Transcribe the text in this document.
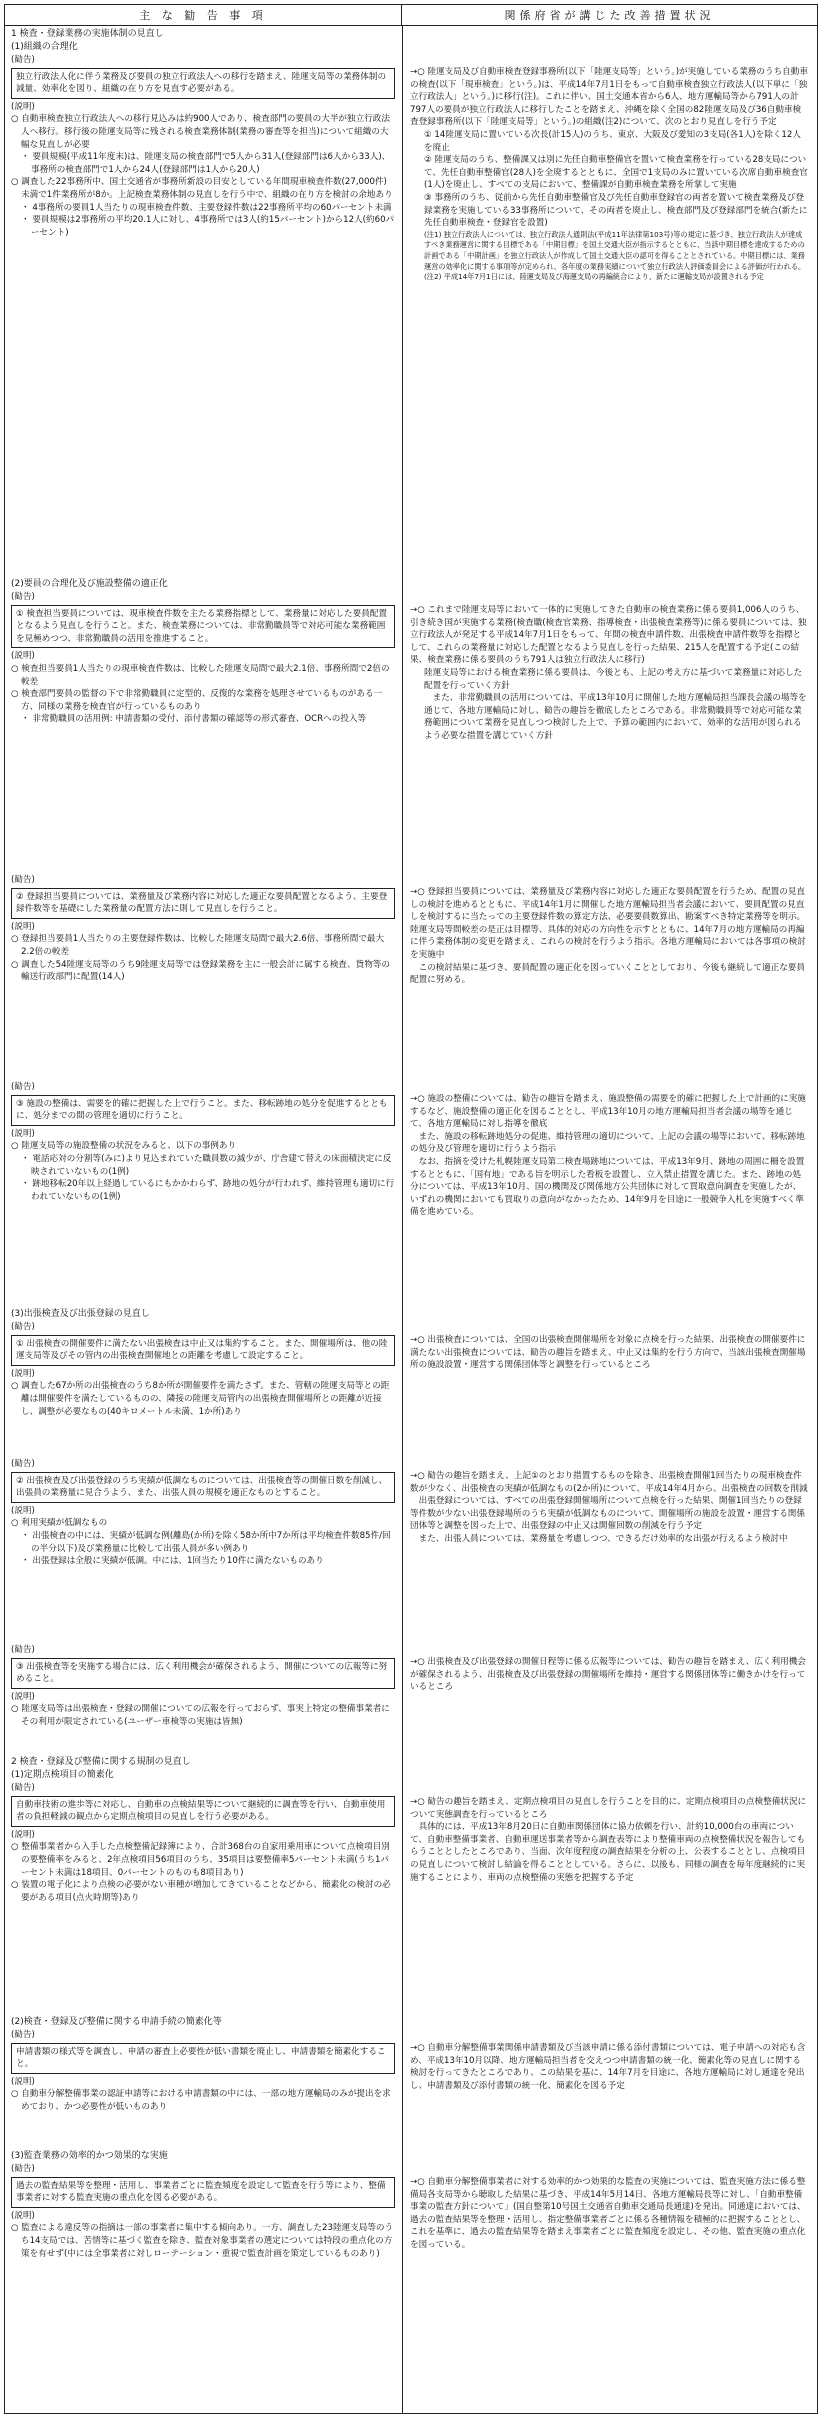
主 な 勧 告 事 項	関係府省が講じた改善措置状況
1 検査・登録業務の実施体制の見直し
(1)組織の合理化
(勧告)
独立行政法人化に伴う業務及び要員の独立行政法人への移行を踏まえ、陸運支局等の業務体制の減量、効率化を図り、組織の在り方を見直す必要がある。
(説明)
○ 自動車検査独立行政法人への移行見込みは約900人であり、検査部門の要員の大半が独立行政法人へ移行。移行後の陸運支局等に残される検査業務体制(業務の審査等を担当)について組織の大幅な見直しが必要
・ 要員規模(平成11年度末)は、陸運支局の検査部門で5人から31人(登録部門は6人から33人)、事務所の検査部門で1人から24人(登録部門は1人から20人)
○ 調査した22事務所中、国土交通省が事務所新設の目安としている年間現車検査件数(27,000件)未満で1件業務所が8か。上記検査業務体制の見直しを行う中で、組織の在り方を検討の余地あり
・ 4事務所の要員1人当たりの現車検査件数、主要登録件数は22事務所平均の60パーセント未満
・ 要員規模は2事務所の平均20.1人に対し、4事務所では3人(約15パーセント)から12人(約60パーセント)
→○ 陸運支局及び自動車検査登録事務所(以下「陸運支局等」という。)が実施している業務のうち自動車の検査(以下「現車検査」という。)は、平成14年7月1日をもって自動車検査独立行政法人(以下単に「独立行政法人」という。)に移行(注)。これに伴い、国土交通本省から6人、地方運輸局等から791人の計797人の要員が独立行政法人に移行したことを踏まえ、沖縄を除く全国の82陸運支局及び36自動車検査登録事務所(以下「陸運支局等」という。)の組織(注2)について、次のとおり見直しを行う予定
① 14陸運支局に置いている次長(計15人)のうち、東京、大阪及び愛知の3支局(各1人)を除く12人を廃止
② 陸運支局のうち、整備課又は別に先任自動車整備官を置いて検査業務を行っている28支局について、先任自動車整備官(28人)を全廃するとともに、全国で1支局のみに置いている次席自動車検査官(1人)を廃止し、すべての支局において、整備課が自動車検査業務を所掌して実施
③ 事務所のうち、従前から先任自動車整備官及び先任自動車登録官の両者を置いて検査業務及び登録業務を実施している33事務所について、その両者を廃止し、検査部門及び登録部門を統合(新たに先任自動車検査・登録官を設置)
(注1) 独立行政法人については、独立行政法人通則法(平成11年法律第103号)等の規定に基づき、独立行政法人が達成すべき業務運営に関する目標である「中期目標」を国土交通大臣が指示するとともに、当該中期目標を達成するための計画である「中期計画」を独立行政法人が作成して国土交通大臣の認可を得ることとされている。中期目標には、業務運営の効率化に関する事項等が定められ、各年度の業務実績について独立行政法人評価委員会による評価が行われる。
(注2) 平成14年7月1日には、陸運支局及び海運支局の再編統合により、新たに運輸支局が設置される予定
(2)要員の合理化及び施設整備の適正化
(勧告)
① 検査担当要員については、現車検査件数を主たる業務指標として、業務量に対応した要員配置となるよう見直しを行うこと。また、検査業務については、非常勤職員等で対応可能な業務範囲を見極めつつ、非常勤職員の活用を推進すること。
(説明)
○ 検査担当要員1人当たりの現車検査件数は、比較した陸運支局間で最大2.1倍、事務所間で2倍の較差
○ 検査部門要員の監督の下で非常勤職員に定型的、反復的な業務を処理させているものがある一方、同様の業務を検査官が行っているものあり
・ 非常勤職員の活用例: 申請書類の受付、添付書類の確認等の形式審査、OCRへの投入等
→○ これまで陸運支局等において一体的に実施してきた自動車の検査業務に係る要員1,006人のうち、引き続き国が実施する業務(検査職(検査官業務、指導検査・出張検査業務等)に係る要員については、独立行政法人が発足する平成14年7月1日をもって、年間の検査申請件数、出張検査申請件数等を指標として、これらの業務量に対応した配置となるよう見直しを行った結果、215人を配置する予定(この結果、検査業務に係る要員のうち791人は独立行政法人に移行)
陸運支局等における検査業務に係る要員は、今後とも、上記の考え方に基づいて業務量に対応した配置を行っていく方針
　また、非常勤職員の活用については、平成13年10月に開催した地方運輸局担当課長会議の場等を通じて、各地方運輸局に対し、勧告の趣旨を徹底したところである。非常勤職員等で対応可能な業務範囲について業務を見直しつつ検討した上で、予算の範囲内において、効率的な活用が図られるよう必要な措置を講じていく方針
(勧告)
② 登録担当要員については、業務量及び業務内容に対応した適正な要員配置となるよう、主要登録件数等を基礎にした業務量の配置方法に則して見直しを行うこと。
(説明)
○ 登録担当要員1人当たりの主要登録件数は、比較した陸運支局間で最大2.6倍、事務所間で最大2.2倍の較差
○ 調査した54陸運支局等のうち9陸運支局等では登録業務を主に一般会計に属する検査、貨物等の輸送行政部門に配置(14人)
→○ 登録担当要員については、業務量及び業務内容に対応した適正な要員配置を行うため、配置の見直しの検討を進めるとともに、平成14年1月に開催した地方運輸局担当者会議において、要員配置の見直しを検討するに当たっての主要登録件数の算定方法、必要要員数算出、勘案すべき特定業務等を明示。
陸運支局等間較差の是正は目標等、具体的対応の方向性を示すとともに、14年7月の地方運輸局の再編に伴う業務体制の変更を踏まえ、これらの検討を行うよう指示。各地方運輸局においては各事項の検討を実施中
　この検討結果に基づき、要員配置の適正化を図っていくこととしており、今後も継続して適正な要員配置に努める。
(勧告)
③ 施設の整備は、需要を的確に把握した上で行うこと。また、移転跡地の処分を促進するとともに、処分までの間の管理を適切に行うこと。
(説明)
○ 陸運支局等の施設整備の状況をみると、以下の事例あり
・ 電話応対の分割等(みに)より見込まれていた職員数の減少が、庁舎建て替えの床面積決定に反映されていないもの(1例)
・ 跡地移転20年以上経過しているにもかかわらず、跡地の処分が行われず、維持管理も適切に行われていないもの(1例)
→○ 施設の整備については、勧告の趣旨を踏まえ、施設整備の需要を的確に把握した上で計画的に実施するなど、施設整備の適正化を図ることとし、平成13年10月の地方運輸局担当者会議の場等を通じて、各地方運輸局に対し指導を徹底
　また、施設の移転跡地処分の促進、維持管理の適切について、上記の会議の場等において、移転跡地の処分及び管理を適切に行うよう指示
　なお、指摘を受けた札幌陸運支局第二検査場跡地については、平成13年9月、跡地の周囲に柵を設置するとともに、「国有地」である旨を明示した看板を設置し、立入禁止措置を講じた。また、跡地の処分については、平成13年10月、国の機関及び関係地方公共団体に対して買取意向調査を実施したが、いずれの機関においても買取りの意向がなかったため、14年9月を目途に一般競争入札を実施すべく準備を進めている。
(3)出張検査及び出張登録の見直し
(勧告)
① 出張検査の開催要件に満たない出張検査は中止又は集約すること。また、開催場所は、他の陸運支局等及びその管内の出張検査開催地との距離を考慮して設定すること。
(説明)
○ 調査した67か所の出張検査のうち8か所が開催要件を満たさず。また、管轄の陸運支局等との距離は開催要件を満たしているものの、隣接の陸運支局管内の出張検査開催場所との距離が近接し、調整が必要なもの(40キロメートル未満、1か所)あり
→○ 出張検査については、全国の出張検査開催場所を対象に点検を行った結果、出張検査の開催要件に満たない出張検査については、勧告の趣旨を踏まえ、中止又は集約を行う方向で、当該出張検査開催場所の施設設置・運営する関係団体等と調整を行っているところ
(勧告)
② 出張検査及び出張登録のうち実績が低調なものについては、出張検査等の開催日数を削減し、出張員の業務量に見合うよう、また、出張人員の規模を適正なものとすること。
(説明)
○ 利用実績が低調なもの
・ 出張検査の中には、実績が低調な例(離島(か所)を除く58か所中7か所は平均検査件数85件/回の半分以下)及び業務量に比較して出張人員が多い例あり
・ 出張登録は全般に実績が低調。中には、1回当たり10件に満たないものあり
→○ 勧告の趣旨を踏まえ、上記①のとおり措置するものを除き、出張検査開催1回当たりの現車検査件数が少なく、出張検査の実績が低調なもの(2か所)について、平成14年4月から、出張検査の回数を削減
　出張登録については、すべての出張登録開催場所について点検を行った結果、開催1回当たりの登録等件数が少ない出張登録場所のうち実績が低調なものについて、開催場所の施設を設置・運営する関係団体等と調整を図った上で、出張登録の中止又は開催回数の削減を行う予定
　また、出張人員については、業務量を考慮しつつ、できるだけ効率的な出張が行えるよう検討中
(勧告)
③ 出張検査等を実施する場合には、広く利用機会が確保されるよう、開催についての広報等に努めること。
(説明)
○ 陸運支局等は出張検査・登録の開催についての広報を行っておらず、事実上特定の整備事業者にその利用が限定されている(ユーザー車検等の実施は皆無)
→○ 出張検査及び出張登録の開催日程等に係る広報等については、勧告の趣旨を踏まえ、広く利用機会が確保されるよう、出張検査及び出張登録の開催場所を維持・運営する関係団体等に働きかけを行っているところ
2 検査・登録及び整備に関する規制の見直し
(1)定期点検項目の簡素化
(勧告)
自動車技術の進歩等に対応し、自動車の点検結果等について継続的に調査等を行い、自動車使用者の負担軽減の観点から定期点検項目の見直しを行う必要がある。
(説明)
○ 整備事業者から入手した点検整備記録簿により、合計368台の自家用乗用車について点検項目別の要整備率をみると、2年点検項目56項目のうち、35項目は要整備率5パーセント未満(うち1パーセント未満は18項目、0パーセントのものも8項目あり)
○ 装置の電子化により点検の必要がない車種が増加してきていることなどから、簡素化の検討の必要がある項目(点火時期等)あり
→○ 勧告の趣旨を踏まえ、定期点検項目の見直しを行うことを目的に、定期点検項目の点検整備状況について実態調査を行っているところ
　具体的には、平成13年8月20日に自動車関係団体に協力依頼を行い、計約10,000台の車両について、自動車整備事業者、自動車運送事業者等から調査表等により整備車両の点検整備状況を報告してもらうこととしたところであり、当面、次年度程度の調査結果を分析の上、公表することとし、点検項目の見直しについて検討し結論を得ることとしている。さらに、以後も、同様の調査を毎年度継続的に実施することにより、車両の点検整備の実態を把握する予定
(2)検査・登録及び整備に関する申請手続の簡素化等
(勧告)
申請書類の様式等を調査し、申請の審査上必要性が低い書類を廃止し、申請書類を簡素化すること。
(説明)
○ 自動車分解整備事業の認証申請等における申請書類の中には、一部の地方運輸局のみが提出を求めており、かつ必要性が低いものあり
→○ 自動車分解整備事業関係申請書類及び当該申請に係る添付書類については、電子申請への対応も含め、平成13年10月以降、地方運輸局担当者を交えつつ申請書類の統一化、簡素化等の見直しに関する検討を行ってきたところであり、この結果を基に、14年7月を目途に、各地方運輸局に対し通達を発出し、申請書類及び添付書類の統一化、簡素化を図る予定
(3)監査業務の効率的かつ効果的な実施
(勧告)
過去の監査結果等を整理・活用し、事業者ごとに監査頻度を設定して監査を行う等により、整備事業者に対する監査実施の重点化を図る必要がある。
(説明)
○ 監査による違反等の指摘は一部の事業者に集中する傾向あり。一方、調査した23陸運支局等のうち14支局では、苦情等に基づく監査を除き、監査対象事業者の選定については特段の重点化の方策を有せず(中には全事業者に対しローテーション・重視で監査計画を策定しているものあり)
→○ 自動車分解整備事業者に対する効率的かつ効果的な監査の実施については、監査実施方法に係る整備局各支局等から聴取した結果に基づき、平成14年5月14日、各地方運輸局長等に対し、「自動車整備事業の監査方針について」(国自整第10号国土交通省自動車交通局長通達)を発出。同通達においては、過去の監査結果等を整理・活用し、指定整備事業者ごとに係る各種情報を積極的に把握することとし、これを基準に、過去の監査結果等を踏まえ事業者ごとに監査頻度を設定し、その他、監査実施の重点化を図っている。
